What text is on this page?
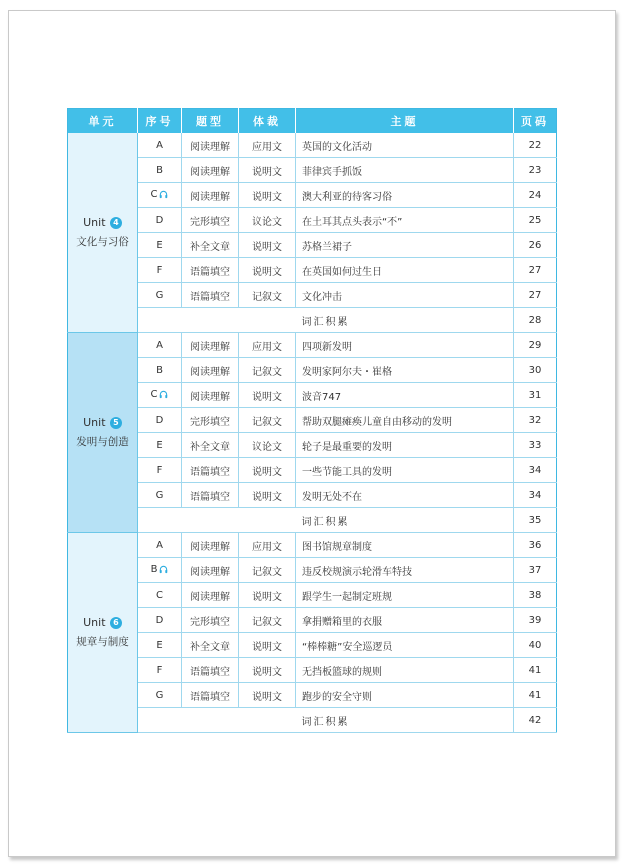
单元	序号	题型	体裁	主题	页码

Unit 4
文化与习俗	A	阅读理解	应用文	英国的文化活动	22
	B	阅读理解	说明文	菲律宾手抓饭	23
	C	阅读理解	说明文	澳大利亚的待客习俗	24
	D	完形填空	议论文	在土耳其点头表示“不”	25
	E	补全文章	说明文	苏格兰裙子	26
	F	语篇填空	说明文	在英国如何过生日	27
	G	语篇填空	记叙文	文化冲击	27
	词汇积累				28

Unit 5
发明与创造	A	阅读理解	应用文	四项新发明	29
	B	阅读理解	记叙文	发明家阿尔夫・崔格	30
	C	阅读理解	说明文	波音747	31
	D	完形填空	记叙文	帮助双腿瘫痪儿童自由移动的发明	32
	E	补全文章	议论文	轮子是最重要的发明	33
	F	语篇填空	说明文	一些节能工具的发明	34
	G	语篇填空	说明文	发明无处不在	34
	词汇积累				35

Unit 6
规章与制度	A	阅读理解	应用文	图书馆规章制度	36
	B	阅读理解	记叙文	违反校规演示轮滑车特技	37
	C	阅读理解	说明文	跟学生一起制定班规	38
	D	完形填空	记叙文	拿捐赠箱里的衣服	39
	E	补全文章	说明文	“棒棒糖”安全巡逻员	40
	F	语篇填空	说明文	无挡板篮球的规则	41
	G	语篇填空	说明文	跑步的安全守则	41
	词汇积累				42
